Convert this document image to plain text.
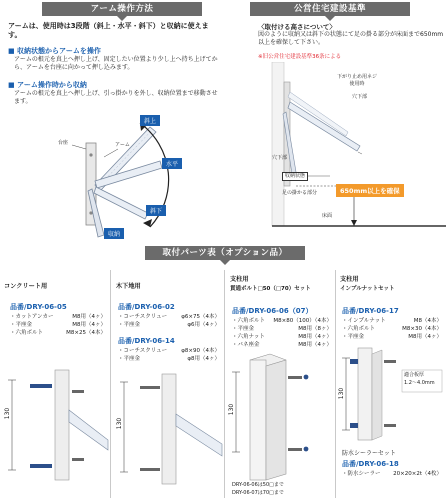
アーム操作方法
アームは、使用時は3段階（斜上・水平・斜下）と収納に使えます。
■ 収納状態からアームを操作
アームの根元を真上へ押し上げ、固定したい位置より少し上へ持ち上げてから、アームを台座に向かって押し込みます。
■ アーム操作時から収納
アームの根元を真上へ押し上げ、引っ掛かりを外し、収納位置まで移動させます。
台座	アーム
斜上
水平
斜下
収納
公営住宅建設基準
〈取付ける高さについて〉
図のように収納又は斜下の状態にて足の掛る部分が床面まで650mm以上を確保して下さい。
※旧公営住宅建設基準36条による
下がり止め用ネジ使用時
穴下部
穴下部
収納状態
足の掛かる部分	650mm以上を確保
床面
取付パーツ表（オプション品）
コンクリート用
品番/DRY-06-05
・カットアンカー	M8用（4ヶ）
・平座金	M8用（4ヶ）
・六角ボルト	M8×25（4本）
130
木下地用
品番/DRY-06-02
・コーチスクリュー	φ6×75（4本）
・平座金	φ6用（4ヶ）
品番/DRY-06-14
・コーチスクリュー	φ8×90（4本）
・平座金	φ8用（4ヶ）
130
支柱用
貫通ボルト□50（□70）セット
品番/DRY-06-06（07）
・六角ボルト M8×80（100）（4本）
・平座金	M8用（8ヶ）
・六角ナット	M8用（4ヶ）
・バネ座金	M8用（4ヶ）
130
DRY-06-06は50□まで
DRY-06-07は70□まで
支柱用
インプルナットセット
品番/DRY-06-17
・インプルナット	M8（4本）
・六角ボルト	M8×30（4本）
・平座金	M8用（4ヶ）
130
適合板厚
1.2〜4.0mm
防水シーラーセット
品番/DRY-06-18
・防水シーラー 20×20×2t（4枚）
